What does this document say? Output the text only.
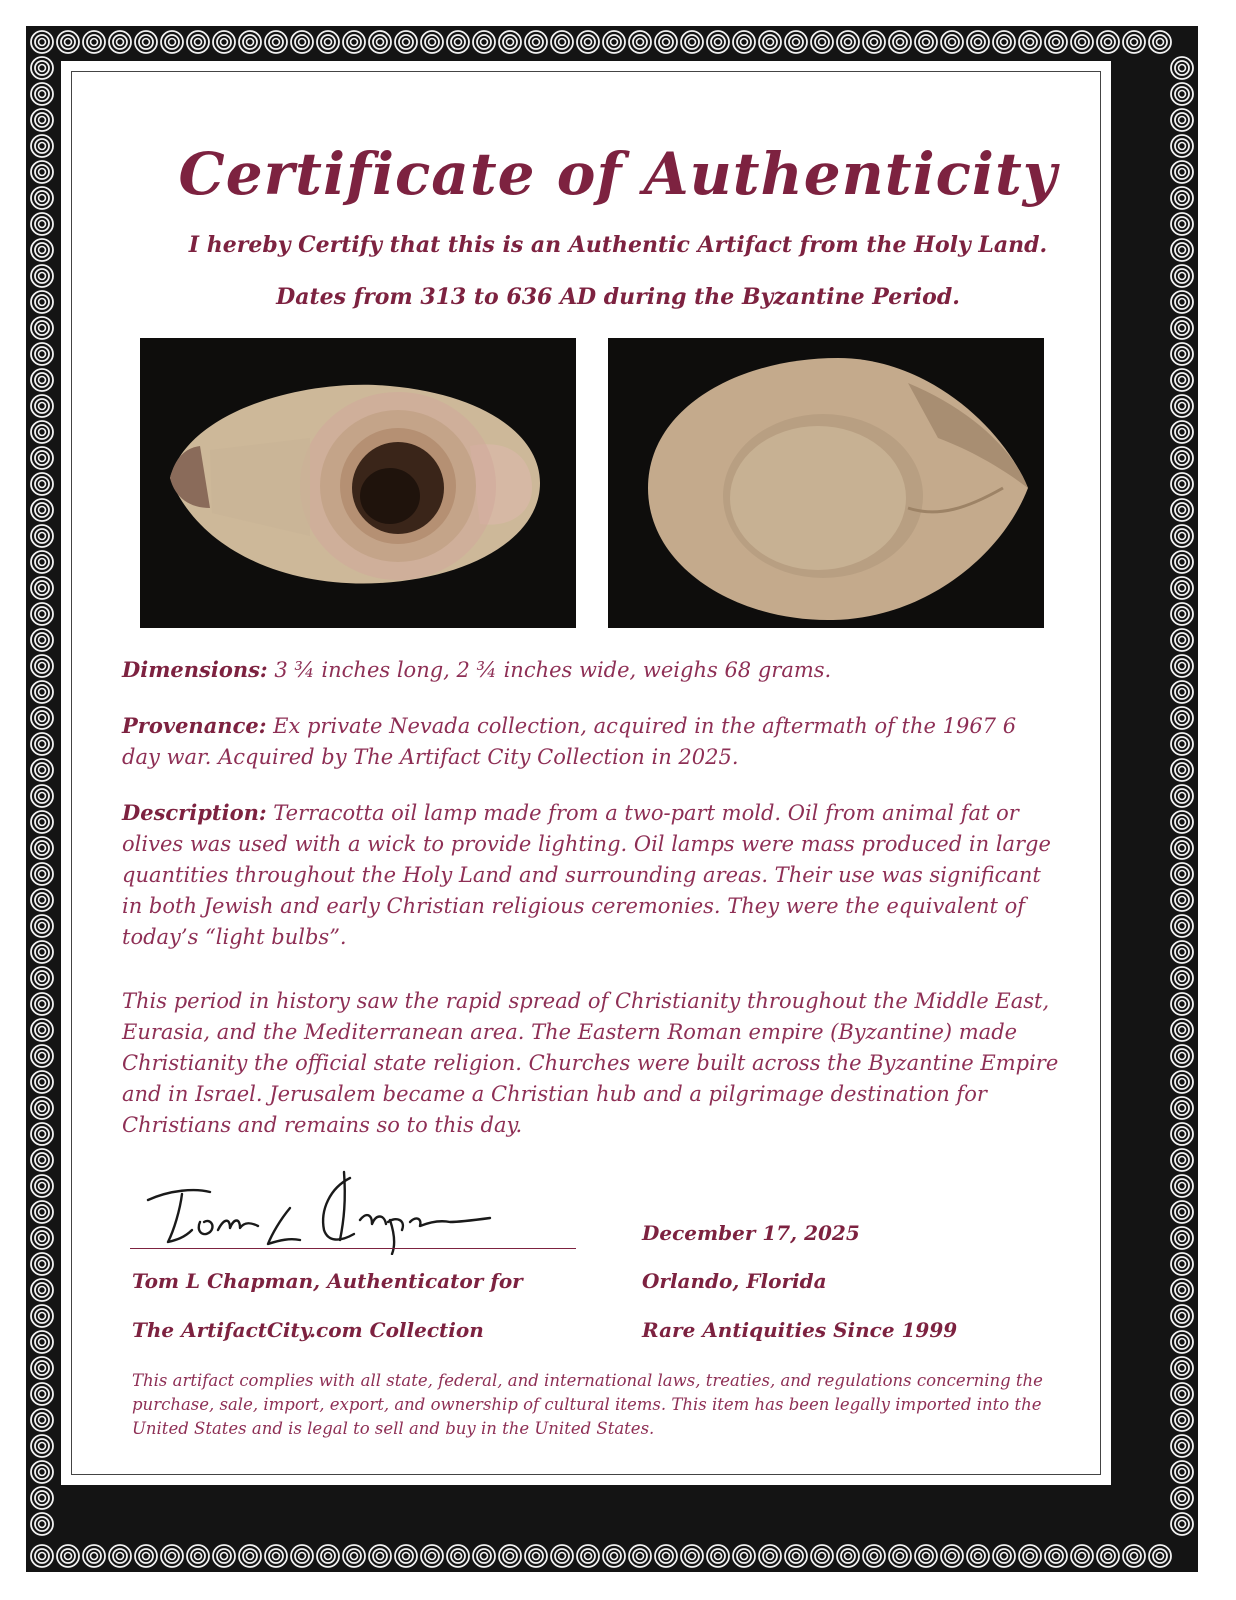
Certificate of Authenticity
I hereby Certify that this is an Authentic Artifact from the Holy Land.
Dates from 313 to 636 AD during the Byzantine Period.
Dimensions: 3 ¾ inches long, 2 ¾ inches wide, weighs 68 grams.
Provenance: Ex private Nevada collection, acquired in the aftermath of the 1967 6 day war. Acquired by The Artifact City Collection in 2025.
Description: Terracotta oil lamp made from a two-part mold. Oil from animal fat or olives was used with a wick to provide lighting. Oil lamps were mass produced in large quantities throughout the Holy Land and surrounding areas. Their use was significant in both Jewish and early Christian religious ceremonies. They were the equivalent of today’s “light bulbs”.
This period in history saw the rapid spread of Christianity throughout the Middle East, Eurasia, and the Mediterranean area. The Eastern Roman empire (Byzantine) made Christianity the official state religion. Churches were built across the Byzantine Empire and in Israel. Jerusalem became a Christian hub and a pilgrimage destination for Christians and remains so to this day.
Tom L Chapman, Authenticator for
The ArtifactCity.com Collection
December 17, 2025
Orlando, Florida
Rare Antiquities Since 1999
This artifact complies with all state, federal, and international laws, treaties, and regulations concerning the purchase, sale, import, export, and ownership of cultural items. This item has been legally imported into the United States and is legal to sell and buy in the United States.
